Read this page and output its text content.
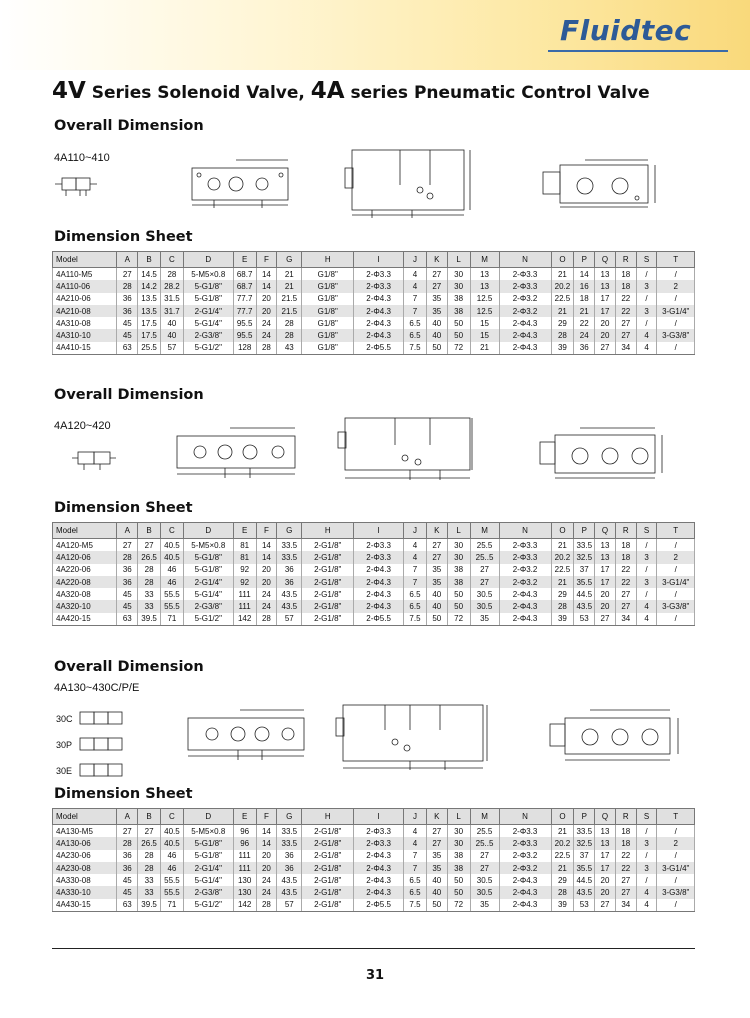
Fluidtec
4V Series Solenoid Valve, 4A series Pneumatic Control Valve
Overall Dimension
4A110~410
Dimension Sheet
Model	A	B	C	D	E	F	G	H	I	J	K	L	M	N	O	P	Q	R	S	T
4A110-M5	27	14.5	28	5-M5×0.8	68.7	14	21	G1/8"	2-Φ3.3	4	27	30	13	2-Φ3.3	21	14	13	18	/	/
4A110-06	28	14.2	28.2	5-G1/8"	68.7	14	21	G1/8"	2-Φ3.3	4	27	30	13	2-Φ3.3	20.2	16	13	18	3	2
4A210-06	36	13.5	31.5	5-G1/8"	77.7	20	21.5	G1/8"	2-Φ4.3	7	35	38	12.5	2-Φ3.2	22.5	18	17	22	/	/
4A210-08	36	13.5	31.7	2-G1/4"	77.7	20	21.5	G1/8"	2-Φ4.3	7	35	38	12.5	2-Φ3.2	21	21	17	22	3	3-G1/4"
4A310-08	45	17.5	40	5-G1/4"	95.5	24	28	G1/8"	2-Φ4.3	6.5	40	50	15	2-Φ4.3	29	22	20	27	/	/
4A310-10	45	17.5	40	2-G3/8"	95.5	24	28	G1/8"	2-Φ4.3	6.5	40	50	15	2-Φ4.3	28	24	20	27	4	3-G3/8"
4A410-15	63	25.5	57	5-G1/2"	128	28	43	G1/8"	2-Φ5.5	7.5	50	72	21	2-Φ4.3	39	36	27	34	4	/
Overall Dimension
4A120~420
Dimension Sheet
Model	A	B	C	D	E	F	G	H	I	J	K	L	M	N	O	P	Q	R	S	T
4A120-M5	27	27	40.5	5-M5×0.8	81	14	33.5	2-G1/8"	2-Φ3.3	4	27	30	25.5	2-Φ3.3	21	33.5	13	18	/	/
4A120-06	28	26.5	40.5	5-G1/8"	81	14	33.5	2-G1/8"	2-Φ3.3	4	27	30	25..5	2-Φ3.3	20.2	32.5	13	18	3	2
4A220-06	36	28	46	5-G1/8"	92	20	36	2-G1/8"	2-Φ4.3	7	35	38	27	2-Φ3.2	22.5	37	17	22	/	/
4A220-08	36	28	46	2-G1/4"	92	20	36	2-G1/8"	2-Φ4.3	7	35	38	27	2-Φ3.2	21	35.5	17	22	3	3-G1/4"
4A320-08	45	33	55.5	5-G1/4"	111	24	43.5	2-G1/8"	2-Φ4.3	6.5	40	50	30.5	2-Φ4.3	29	44.5	20	27	/	/
4A320-10	45	33	55.5	2-G3/8"	111	24	43.5	2-G1/8"	2-Φ4.3	6.5	40	50	30.5	2-Φ4.3	28	43.5	20	27	4	3-G3/8"
4A420-15	63	39.5	71	5-G1/2"	142	28	57	2-G1/8"	2-Φ5.5	7.5	50	72	35	2-Φ4.3	39	53	27	34	4	/
Overall Dimension
4A130~430C/P/E
Dimension Sheet
Model	A	B	C	D	E	F	G	H	I	J	K	L	M	N	O	P	Q	R	S	T
4A130-M5	27	27	40.5	5-M5×0.8	96	14	33.5	2-G1/8"	2-Φ3.3	4	27	30	25.5	2-Φ3.3	21	33.5	13	18	/	/
4A130-06	28	26.5	40.5	5-G1/8"	96	14	33.5	2-G1/8"	2-Φ3.3	4	27	30	25..5	2-Φ3.3	20.2	32.5	13	18	3	2
4A230-06	36	28	46	5-G1/8"	111	20	36	2-G1/8"	2-Φ4.3	7	35	38	27	2-Φ3.2	22.5	37	17	22	/	/
4A230-08	36	28	46	2-G1/4"	111	20	36	2-G1/8"	2-Φ4.3	7	35	38	27	2-Φ3.2	21	35.5	17	22	3	3-G1/4"
4A330-08	45	33	55.5	5-G1/4"	130	24	43.5	2-G1/8"	2-Φ4.3	6.5	40	50	30.5	2-Φ4.3	29	44.5	20	27	/	/
4A330-10	45	33	55.5	2-G3/8"	130	24	43.5	2-G1/8"	2-Φ4.3	6.5	40	50	30.5	2-Φ4.3	28	43.5	20	27	4	3-G3/8"
4A430-15	63	39.5	71	5-G1/2"	142	28	57	2-G1/8"	2-Φ5.5	7.5	50	72	35	2-Φ4.3	39	53	27	34	4	/
31
30C
30P
30E
